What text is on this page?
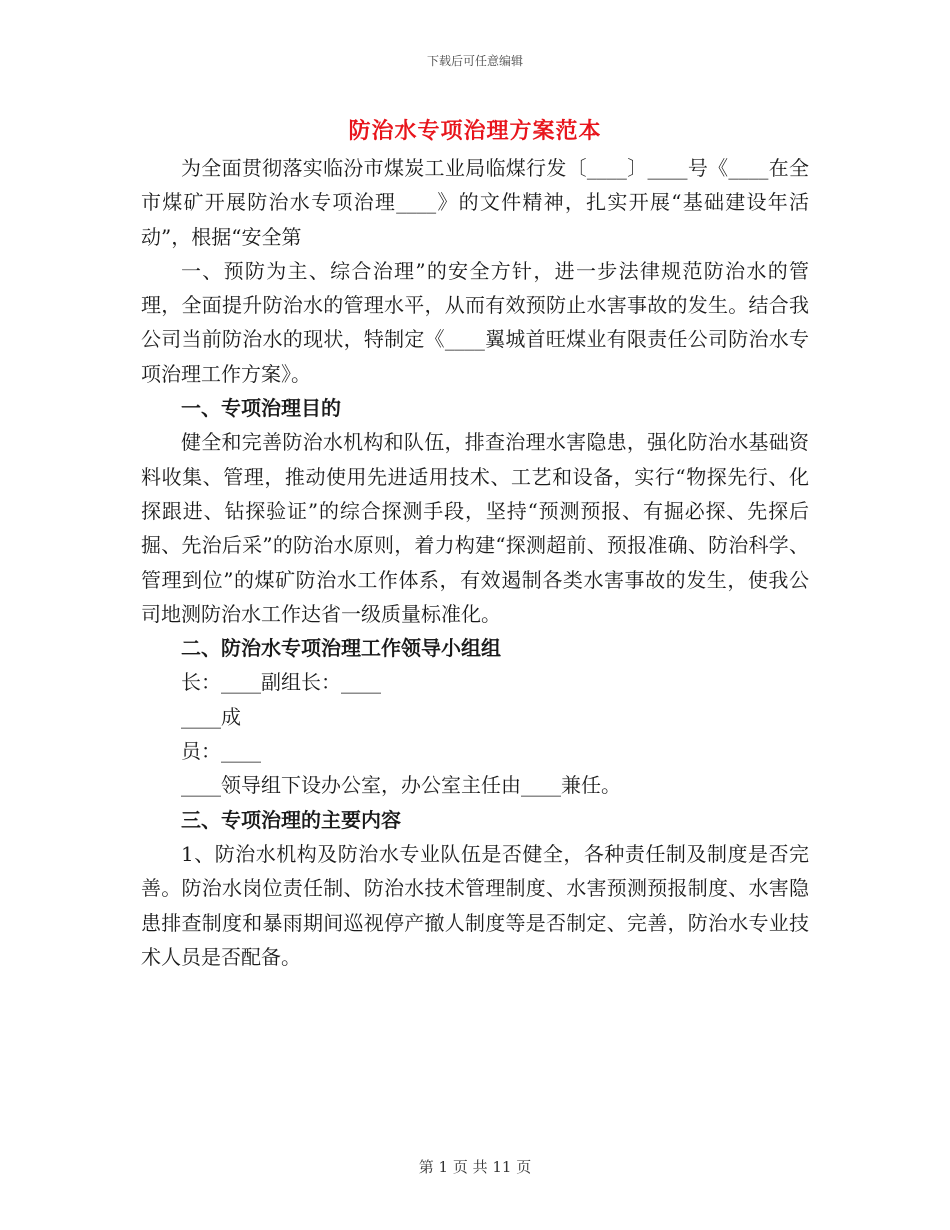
下载后可任意编辑
防治水专项治理方案范本

为全面贯彻落实临汾市煤炭工业局临煤行发〔____〕____号《____在全市煤矿开展防治水专项治理____》的文件精神，扎实开展“基础建设年活动”，根据“安全第

一、预防为主、综合治理”的安全方针，进一步法律规范防治水的管理，全面提升防治水的管理水平，从而有效预防止水害事故的发生。结合我公司当前防治水的现状，特制定《____翼城首旺煤业有限责任公司防治水专项治理工作方案》。

一、专项治理目的

健全和完善防治水机构和队伍，排查治理水害隐患，强化防治水基础资料收集、管理，推动使用先进适用技术、工艺和设备，实行“物探先行、化探跟进、钻探验证”的综合探测手段，坚持“预测预报、有掘必探、先探后掘、先治后采”的防治水原则，着力构建“探测超前、预报准确、防治科学、管理到位”的煤矿防治水工作体系，有效遏制各类水害事故的发生，使我公司地测防治水工作达省一级质量标准化。

二、防治水专项治理工作领导小组组

长：____副组长：____

____成

员：____

____领导组下设办公室，办公室主任由____兼任。

三、专项治理的主要内容

1、防治水机构及防治水专业队伍是否健全，各种责任制及制度是否完善。防治水岗位责任制、防治水技术管理制度、水害预测预报制度、水害隐患排查制度和暴雨期间巡视停产撤人制度等是否制定、完善，防治水专业技术人员是否配备。

第 1 页 共 11 页
